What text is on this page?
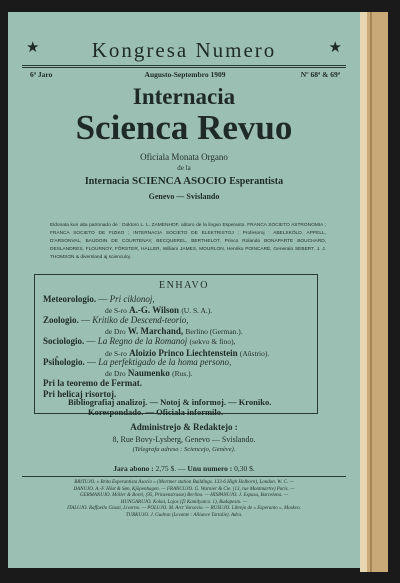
★	Kongresa Numero	★
6ª Jaro	Augusto-Septembro 1909	Nº 68ª & 69ª
Internacia
Scienca Revuo
Oficiala Monata Organo
de la
Internacia SCIENCA ASOCIO Esperantista
Genevo — Svislando
Eldonata kun alta patronado de : Doktoro L. L. ZAMENHOF, aŭtoro de la lingvo Esperanto. FRANCA SOCIETO ASTRONOMIA ; FRANCA SOCIETO DE FIZIKO ; INTERNACIA SOCIETO DE ELEKTRISTOJ ; Profesoroj : ABELSKÖLD, APPELL, D'ARSONVAL, BAUDOIN DE COURTENAY, BECQUEREL, BERTHELOT, Princo Rolando BONAPARTE BOUCHARD, DESLANDRES, FLOURNOY, FÖRSTER, HALLER, William JAMES, MOURLON, Henriko POINCARÉ, Generalo SEBERT, J. J. THOMSON & diversland aj scienculoj.
ENHAVO
Meteorologio. — Pri ciklonoj,
de S-ro A.-G. Wilson (U. S. A.).
Zoologio. — Kritiko de Descend-teorio,
de Dro W. Marchand, Berlino (German.).
Sociologio. — La Regno de la Romanoj (sekvo & fino),
de S-ro Aloizio Princo Liechtenstein (Aŭstrio).
Psiĥologio. — La perfektigado de la homa persono,
de Dro Naumenko (Rus.).
Pri la teoremo de Fermat.
Pri helicaj risortoj.
Bibliografiaj analizoj. — Notoj & informoj. — Kroniko.
Korespondado. — Oficiala informilo.
Administrejo & Redaktejo :
8, Rue Bovy-Lysberg, Genevo — Svislando.
(Telegrafa adreso : Sciencejo, Genève).
Jara abono : 2,75 $. — Unu numero : 0,30 $.
BRITUJO. » Brita Esperantista Asocio » (Mortmer station Buildings. 133-6 High Holborn), London. W. C. —
DANUJO. A.-F. Höst & Søn, Kjöpenhagen. — FRANCUJO. G. Warnier & Cie. (13, rue Montmartre) Paris. —
GERMANUJO. Möller & Borel, (95, Prinzenstrasse) Berlino. — HISPANUJO. J. Espasa, Barcelona. —
HUNGARUJO. Kokai, Lajos (Ţi Kamilyutca. 1), Budapesto. —
ITALUJO. Raffaello Giusti, Livorno. — POLUJO. M. Arct Varsovio. — RUSUJO. Librejo de » Esperanto », Moskvo.
TURKUJO. J. Gudron (Levante : Alliance Tartalie). Adra.
